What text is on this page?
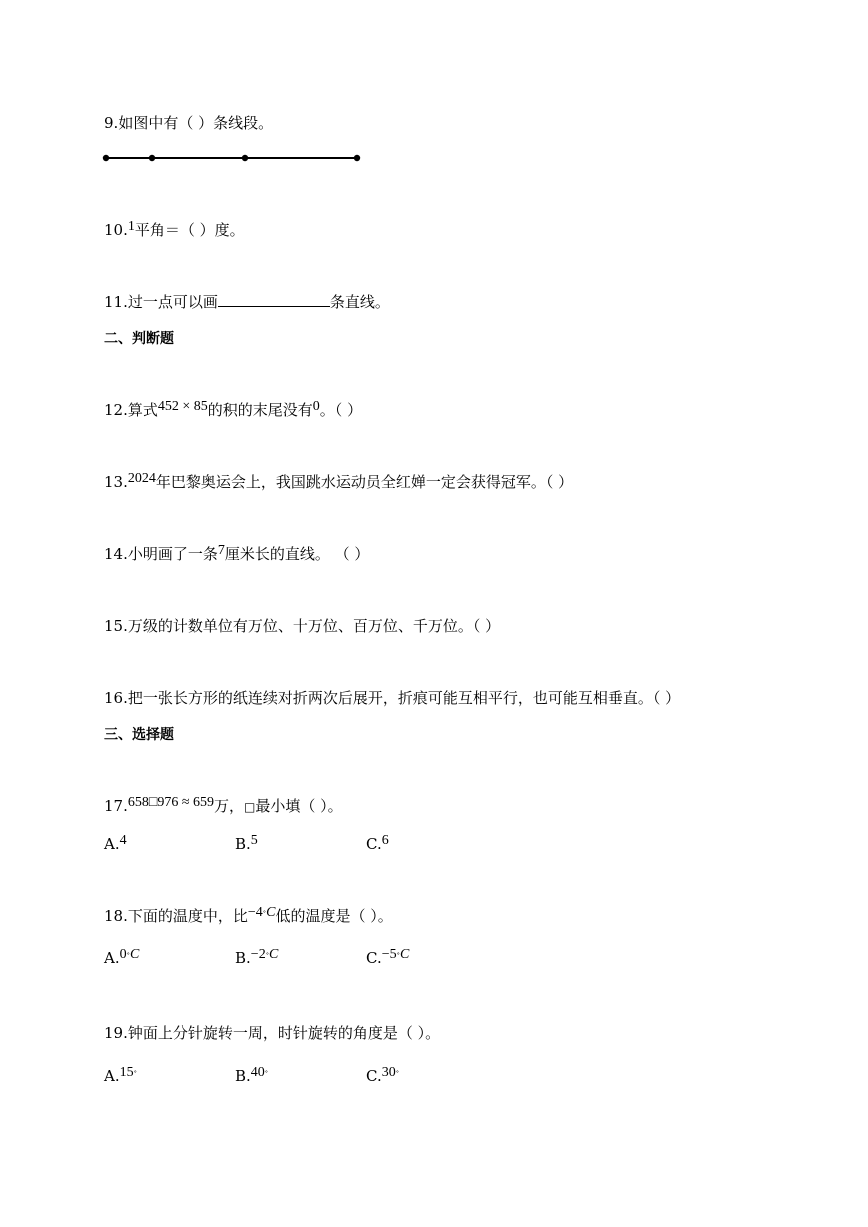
9.如图中有（ ）条线段。
10.1平角＝（ ）度。
11.过一点可以画	条直线。
二、判断题
12.算式452 × 85的积的末尾没有0。（ ）
13.2024年巴黎奥运会上，我国跳水运动员全红婵一定会获得冠军。（ ）
14.小明画了一条7厘米长的直线。 （ ）
15.万级的计数单位有万位、十万位、百万位、千万位。（ ）
16.把一张长方形的纸连续对折两次后展开，折痕可能互相平行，也可能互相垂直。（ ）
三、选择题
17.658□976 ≈ 659万，□最小填（ ）。
A.4	B.5	C.6
18.下面的温度中，比−4˚C低的温度是（ ）。
A.0˚C	B.−2˚C	C.−5˚C
19.钟面上分针旋转一周，时针旋转的角度是（ ）。
A.15˚	B.40˚	C.30˚
